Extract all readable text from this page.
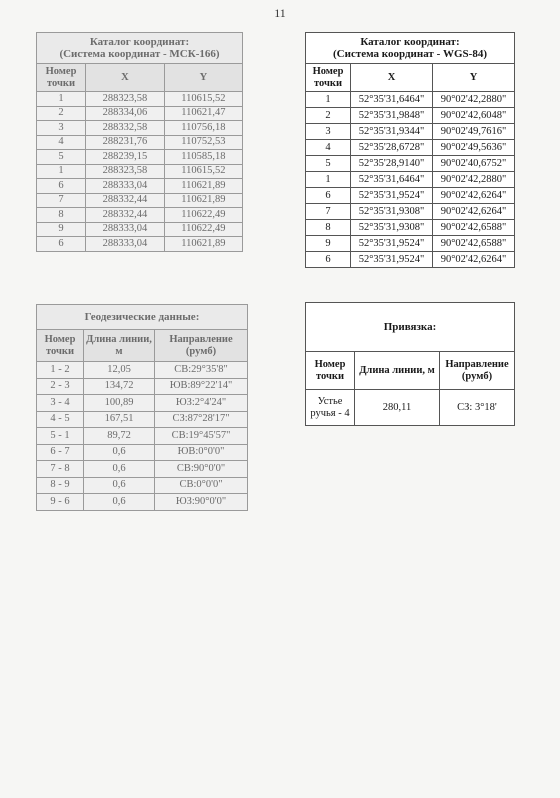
11
Каталог координат:
(Система координат - МСК-166)		
Номер точки	X	Y
1	288323,58	110615,52
2	288334,06	110621,47
3	288332,58	110756,18
4	288231,76	110752,53
5	288239,15	110585,18
1	288323,58	110615,52
6	288333,04	110621,89
7	288332,44	110621,89
8	288332,44	110622,49
9	288333,04	110622,49
6	288333,04	110621,89
Каталог координат:
(Система координат - WGS-84)		
Номер точки	X	Y
1	52°35'31,6464"	90°02'42,2880"
2	52°35'31,9848"	90°02'42,6048"
3	52°35'31,9344"	90°02'49,7616"
4	52°35'28,6728"	90°02'49,5636"
5	52°35'28,9140"	90°02'40,6752"
1	52°35'31,6464"	90°02'42,2880"
6	52°35'31,9524"	90°02'42,6264"
7	52°35'31,9308"	90°02'42,6264"
8	52°35'31,9308"	90°02'42,6588"
9	52°35'31,9524"	90°02'42,6588"
6	52°35'31,9524"	90°02'42,6264"
Геодезические данные:		
Номер точки	Длина линии, м	Направление (румб)
1 - 2	12,05	СВ:29°35'8"
2 - 3	134,72	ЮВ:89°22'14"
3 - 4	100,89	ЮЗ:2°4'24"
4 - 5	167,51	СЗ:87°28'17"
5 - 1	89,72	СВ:19°45'57"
6 - 7	0,6	ЮВ:0°0'0"
7 - 8	0,6	СВ:90°0'0"
8 - 9	0,6	СВ:0°0'0"
9 - 6	0,6	ЮЗ:90°0'0"
Привязка:		
Номер точки	Длина линии, м	Направление (румб)
Устье ручья - 4	280,11	СЗ: 3°18'
